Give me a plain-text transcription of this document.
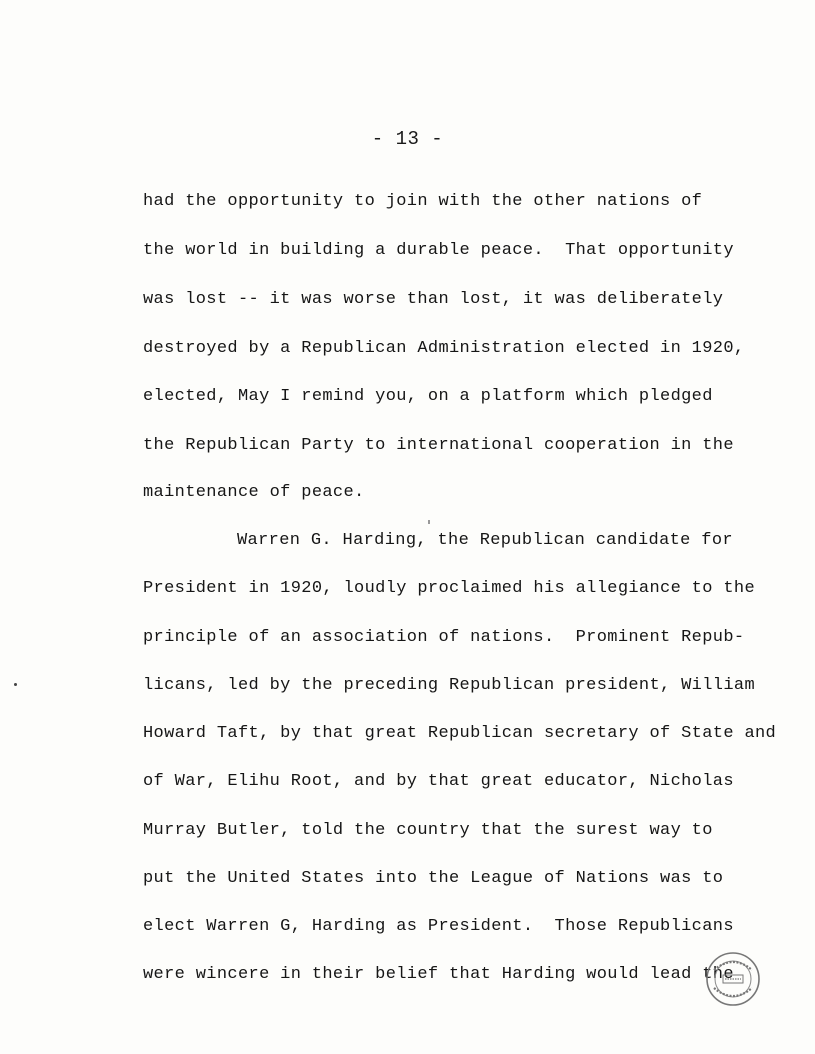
- 13 -
had the opportunity to join with the other nations of
the world in building a durable peace.  That opportunity
was lost -- it was worse than lost, it was deliberately
destroyed by a Republican Administration elected in 1920,
elected, May I remind you, on a platform which pledged
the Republican Party to international cooperation in the
maintenance of peace.
Warren G. Harding, the Republican candidate for
President in 1920, loudly proclaimed his allegiance to the
principle of an association of nations.  Prominent Repub-
licans, led by the preceding Republican president, William
Howard Taft, by that great Republican secretary of State and
of War, Elihu Root, and by that great educator, Nicholas
Murray Butler, told the country that the surest way to
put the United States into the League of Nations was to
elect Warren G, Harding as President.  Those Republicans
were wincere in their belief that Harding would lead the
